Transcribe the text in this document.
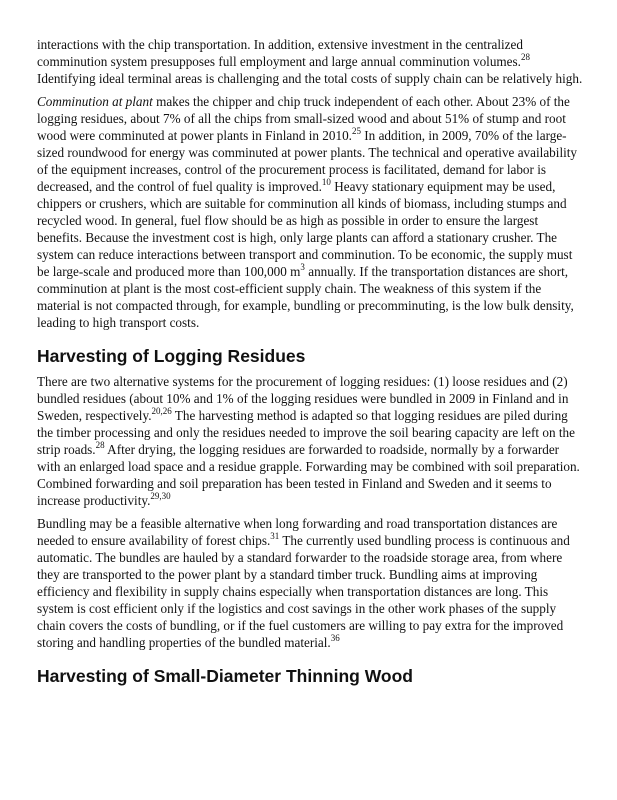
interactions with the chip transportation. In addition, extensive investment in the centralized comminution system presupposes full employment and large annual comminution volumes.$^{28}$ Identifying ideal terminal areas is challenging and the total costs of supply chain can be relatively high.

Comminution at plant makes the chipper and chip truck independent of each other. About 23% of the logging residues, about 7% of all the chips from small-sized wood and about 51% of stump and root wood were comminuted at power plants in Finland in 2010.25 In addition, in 2009, 70% of the large-sized roundwood for energy was comminuted at power plants. The technical and operative availability of the equipment increases, control of the procurement process is facilitated, demand for labor is decreased, and the control of fuel quality is improved.$^{10}$ Heavy stationary equipment may be used, chippers or crushers, which are suitable for comminution all kinds of biomass, including stumps and recycled wood. In general, fuel flow should be as high as possible in order to ensure the largest benefits. Because the investment cost is high, only large plants can afford a stationary crusher. The system can reduce interactions between transport and comminution. To be economic, the supply must be large-scale and produced more than 100,000 $m^3$ annually. If the transportation distances are short, comminution at plant is the most cost-efficient supply chain. The weakness of this system if the material is not compacted through, for example, bundling or precomminuting, is the low bulk density, leading to high transport costs.

Harvesting of Logging Residues

There are two alternative systems for the procurement of logging residues: (1) loose residues and (2) bundled residues (about 10% and 1% of the logging residues were bundled in 2009 in Finland and in Sweden, respectively.$^{20,26}$ The harvesting method is adapted so that logging residues are piled during the timber processing and only the residues needed to improve the soil bearing capacity are left on the strip roads.$^{28}$ After drying, the logging residues are forwarded to roadside, normally by a forwarder with an enlarged load space and a residue grapple. Forwarding may be combined with soil preparation. Combined forwarding and soil preparation has been tested in Finland and Sweden and it seems to increase productivity.$^{29,30}$

Bundling may be a feasible alternative when long forwarding and road transportation distances are needed to ensure availability of forest chips.$^{31}$ The currently used bundling process is continuous and automatic. The bundles are hauled by a standard forwarder to the roadside storage area, from where they are transported to the power plant by a standard timber truck. Bundling aims at improving efficiency and flexibility in supply chains especially when transportation distances are long. This system is cost efficient only if the logistics and cost savings in the other work phases of the supply chain covers the costs of bundling, or if the fuel customers are willing to pay extra for the improved storing and handling properties of the bundled material.$^{36}$

Harvesting of Small-Diameter Thinning Wood
